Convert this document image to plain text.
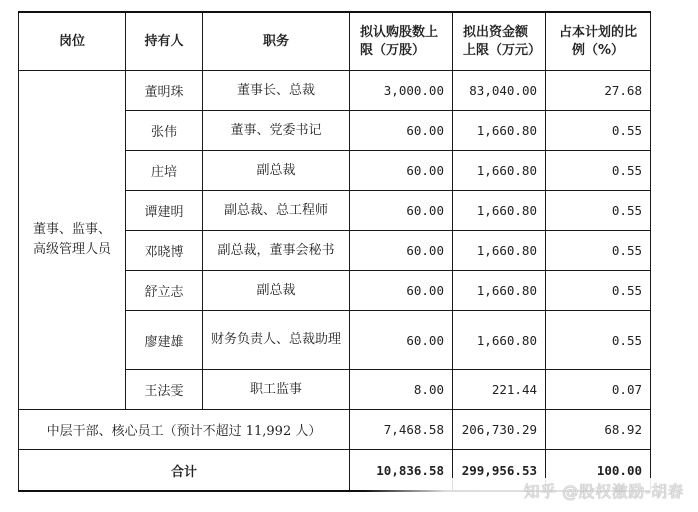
岗位	持有人	职务	拟认购股数上限（万股）	拟出资金额上限（万元）	占本计划的比例（%）
董事、监事、高级管理人员	董明珠	董事长、总裁	3,000.00	83,040.00	27.68
	张伟	董事、党委书记	60.00	1,660.80	0.55
	庄培	副总裁	60.00	1,660.80	0.55
	谭建明	副总裁、总工程师	60.00	1,660.80	0.55
	邓晓博	副总裁，董事会秘书	60.00	1,660.80	0.55
	舒立志	副总裁	60.00	1,660.80	0.55
	廖建雄	财务负责人、总裁助理	60.00	1,660.80	0.55
	王法雯	职工监事	8.00	221.44	0.07
中层干部、核心员工（预计不超过 11,992 人）			7,468.58	206,730.29	68.92
合计			10,836.58	299,956.53	100.00
知乎 @股权激励-胡春
